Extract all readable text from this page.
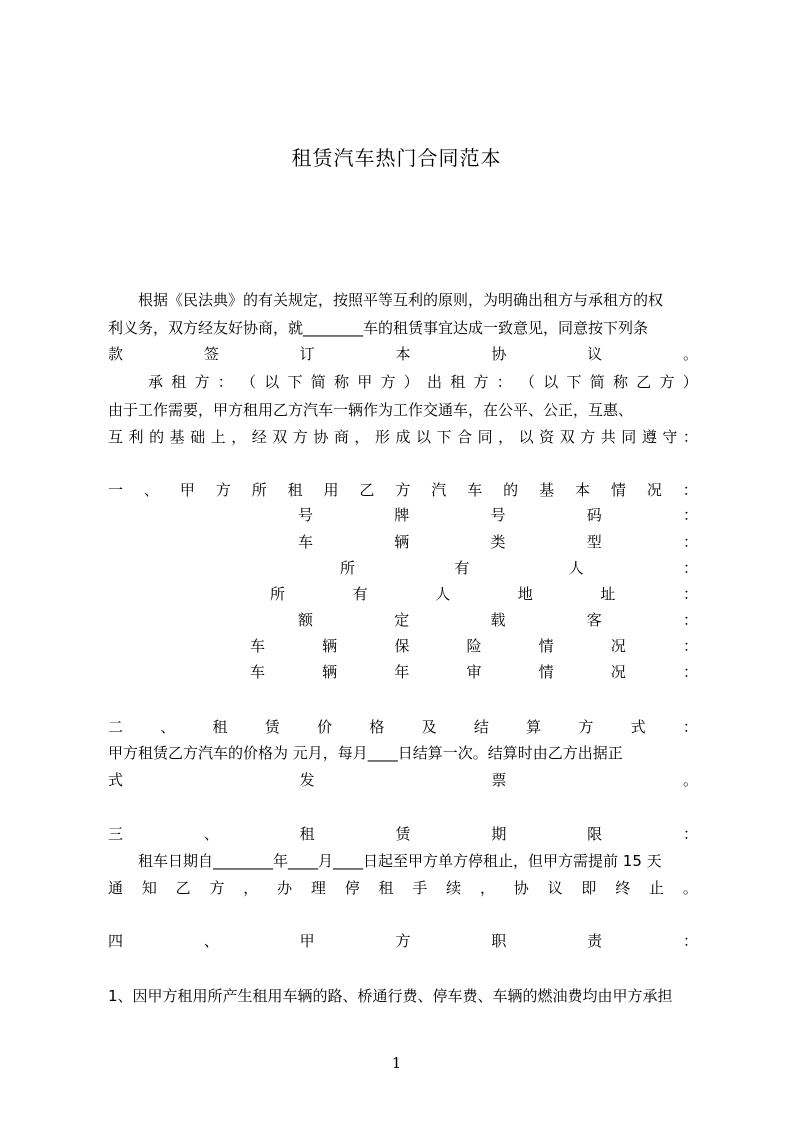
租赁汽车热门合同范本
根据《民法典》的有关规定，按照平等互利的原则，为明确出租方与承租方的权
利义务，双方经友好协商，就________车的租赁事宜达成一致意见，同意按下列条
款	签	订	本	协	议	。
承 租 方 ： （ 以 下 简 称 甲 方 ） 出 租 方 ： （ 以 下 简 称 乙 方 ）
由于工作需要，甲方租用乙方汽车一辆作为工作交通车，在公平、公正，互惠、
互 利 的 基 础 上 ， 经 双 方 协 商 ， 形 成 以 下 合 同 ， 以 资 双 方 共 同 遵 守 ：
一 、 甲 方 所 租 用 乙 方 汽 车 的 基 本 情 况 ：
号	牌	号	码	：
车	辆	类	型	：
所	有	人	：
所	有	人	地	址	：
额	定	载	客	：
车	辆	保	险	情	况	：
车	辆	年	审	情	况	：
二 、 租 赁 价 格 及 结 算 方 式 ：
甲方租赁乙方汽车的价格为 元月，每月____日结算一次。结算时由乙方出据正
式	发	票	。
三	、	租	赁	期	限	：
租车日期自________年____月____日起至甲方单方停租止，但甲方需提前 15 天
通 知 乙 方 ， 办 理 停 租 手 续 ， 协 议 即 终 止 。
四	、	甲	方	职	责	：
1、因甲方租用所产生租用车辆的路、桥通行费、停车费、车辆的燃油费均由甲方承担
1
